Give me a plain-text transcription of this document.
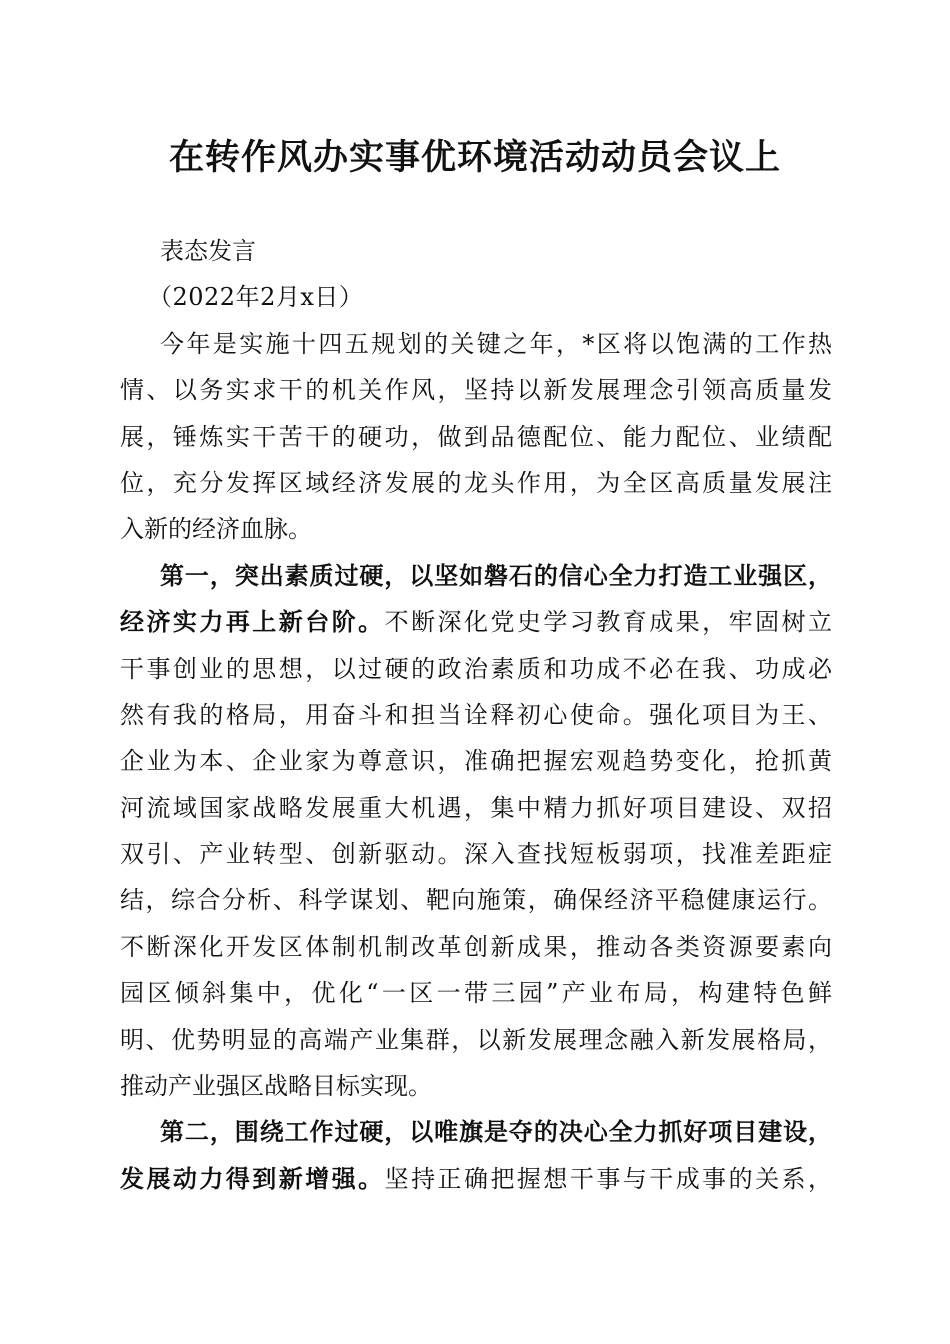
在转作风办实事优环境活动动员会议上
表态发言
（2022年2月x日）
今年是实施十四五规划的关键之年，*区将以饱满的工作热
情、以务实求干的机关作风，坚持以新发展理念引领高质量发
展，锤炼实干苦干的硬功，做到品德配位、能力配位、业绩配
位，充分发挥区域经济发展的龙头作用，为全区高质量发展注
入新的经济血脉。
第一，突出素质过硬，以坚如磐石的信心全力打造工业强区，
经济实力再上新台阶。不断深化党史学习教育成果，牢固树立
干事创业的思想，以过硬的政治素质和功成不必在我、功成必
然有我的格局，用奋斗和担当诠释初心使命。强化项目为王、
企业为本、企业家为尊意识，准确把握宏观趋势变化，抢抓黄
河流域国家战略发展重大机遇，集中精力抓好项目建设、双招
双引、产业转型、创新驱动。深入查找短板弱项，找准差距症
结，综合分析、科学谋划、靶向施策，确保经济平稳健康运行。
不断深化开发区体制机制改革创新成果，推动各类资源要素向
园区倾斜集中，优化“一区一带三园”产业布局，构建特色鲜
明、优势明显的高端产业集群，以新发展理念融入新发展格局，
推动产业强区战略目标实现。
第二，围绕工作过硬，以唯旗是夺的决心全力抓好项目建设，
发展动力得到新增强。坚持正确把握想干事与干成事的关系，
